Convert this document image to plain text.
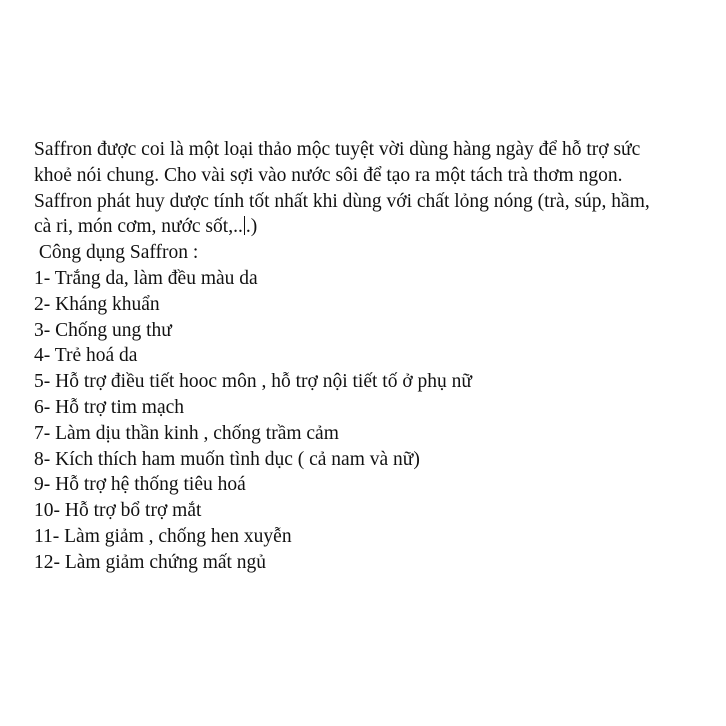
Saffron được coi là một loại thảo mộc tuyệt vời dùng hàng ngày để hỗ trợ sức
khoẻ nói chung. Cho vài sợi vào nước sôi để tạo ra một tách trà thơm ngon.
Saffron phát huy dược tính tốt nhất khi dùng với chất lỏng nóng (trà, súp, hầm,
cà ri, món cơm, nước sốt,.. .)

Công dụng Saffron :

1- Trắng da, làm đều màu da
2- Kháng khuẩn
3- Chống ung thư
4- Trẻ hoá da
5- Hỗ trợ điều tiết hooc môn , hỗ trợ nội tiết tố ở phụ nữ
6- Hỗ trợ tim mạch
7- Làm dịu thần kinh , chống trầm cảm
8- Kích thích ham muốn tình dục ( cả nam và nữ)
9- Hỗ trợ hệ thống tiêu hoá
10- Hỗ trợ bổ trợ mắt
11- Làm giảm , chống hen xuyễn
12- Làm giảm chứng mất ngủ
